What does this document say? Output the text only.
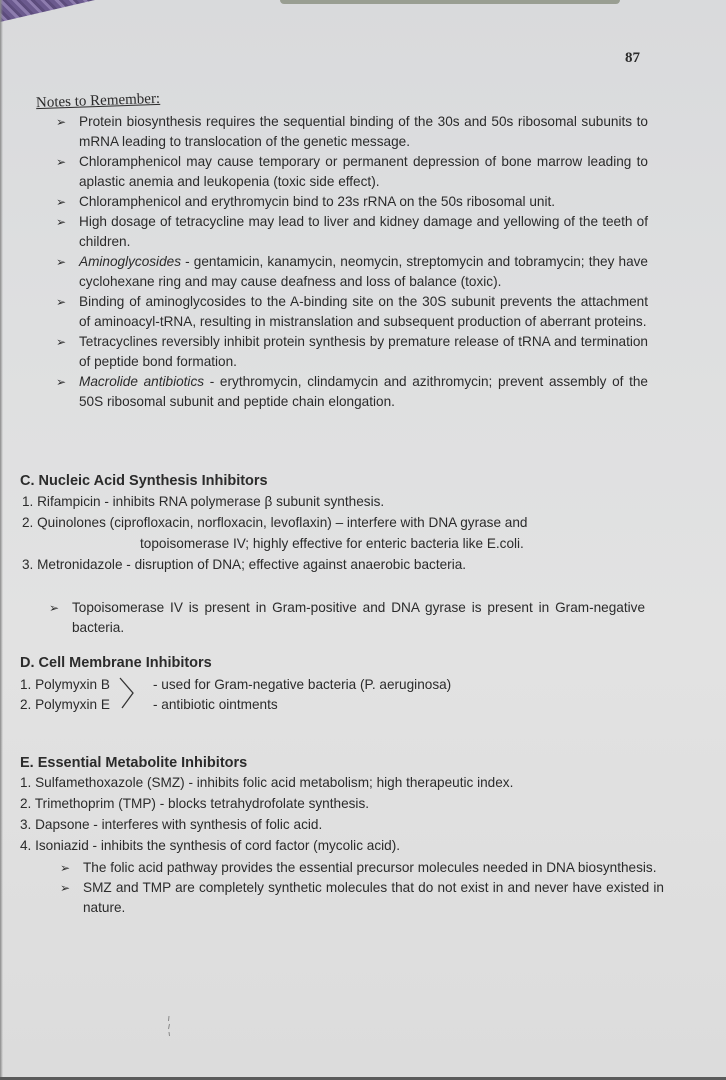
87
Notes to Remember:
➢ Protein biosynthesis requires the sequential binding of the 30s and 50s ribosomal subunits to mRNA leading to translocation of the genetic message.
➢ Chloramphenicol may cause temporary or permanent depression of bone marrow leading to aplastic anemia and leukopenia (toxic side effect).
➢ Chloramphenicol and erythromycin bind to 23s rRNA on the 50s ribosomal unit.
➢ High dosage of tetracycline may lead to liver and kidney damage and yellowing of the teeth of children.
➢ Aminoglycosides - gentamicin, kanamycin, neomycin, streptomycin and tobramycin; they have cyclohexane ring and may cause deafness and loss of balance (toxic).
➢ Binding of aminoglycosides to the A-binding site on the 30S subunit prevents the attachment of aminoacyl-tRNA, resulting in mistranslation and subsequent production of aberrant proteins.
➢ Tetracyclines reversibly inhibit protein synthesis by premature release of tRNA and termination of peptide bond formation.
➢ Macrolide antibiotics - erythromycin, clindamycin and azithromycin; prevent assembly of the 50S ribosomal subunit and peptide chain elongation.
C. Nucleic Acid Synthesis Inhibitors
1. Rifampicin - inhibits RNA polymerase β subunit synthesis.
2. Quinolones (ciprofloxacin, norfloxacin, levoflaxin) – interfere with DNA gyrase and
topoisomerase IV; highly effective for enteric bacteria like E.coli.
3. Metronidazole - disruption of DNA; effective against anaerobic bacteria.
➢ Topoisomerase IV is present in Gram-positive and DNA gyrase is present in Gram-negative bacteria.
D. Cell Membrane Inhibitors
1. Polymyxin B	- used for Gram-negative bacteria (P. aeruginosa)
2. Polymyxin E	- antibiotic ointments
E. Essential Metabolite Inhibitors
1. Sulfamethoxazole (SMZ) - inhibits folic acid metabolism; high therapeutic index.
2. Trimethoprim (TMP) - blocks tetrahydrofolate synthesis.
3. Dapsone - interferes with synthesis of folic acid.
4. Isoniazid - inhibits the synthesis of cord factor (mycolic acid).
➢ The folic acid pathway provides the essential precursor molecules needed in DNA biosynthesis.
➢ SMZ and TMP are completely synthetic molecules that do not exist in and never have existed in nature.
